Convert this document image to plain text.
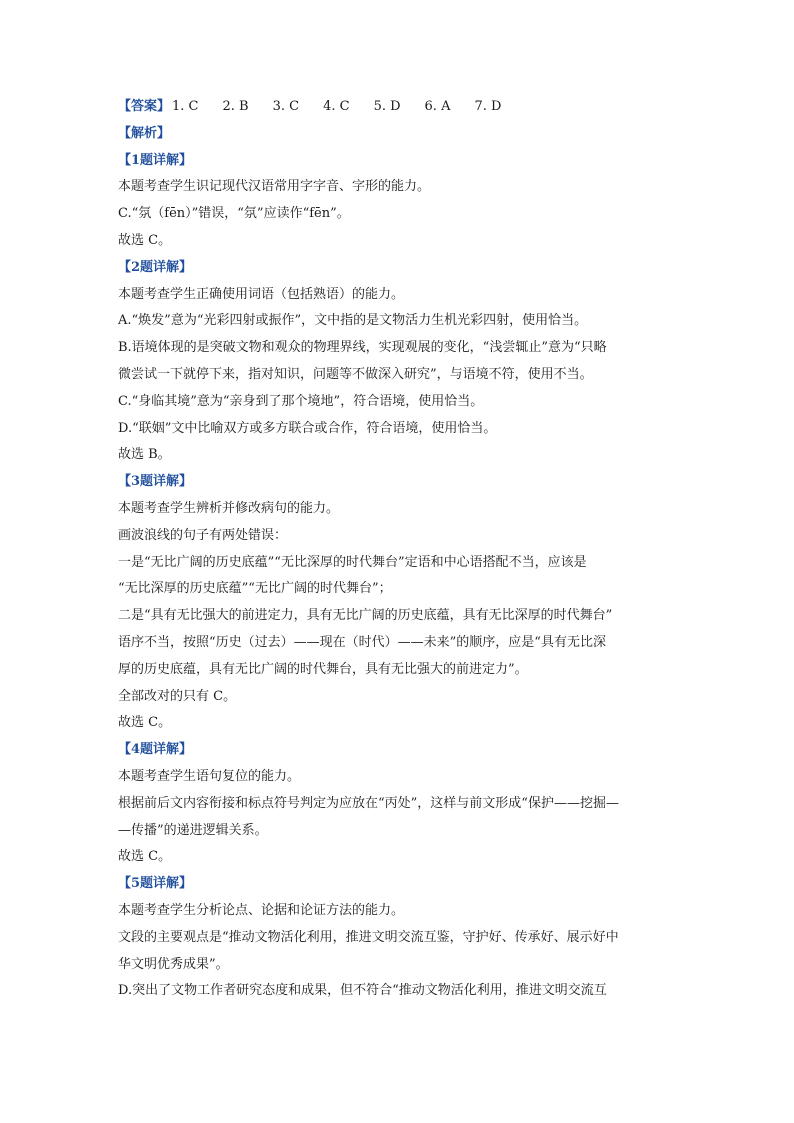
【答案】 1. C 2. B 3. C 4. C 5. D 6. A 7. D
【解析】
【1题详解】
本题考查学生识记现代汉语常用字字音、字形的能力。
C.“氛（fēn）”错误，“氛”应读作“fēn”。
故选 C。
【2题详解】
本题考查学生正确使用词语（包括熟语）的能力。
A.“焕发”意为“光彩四射或振作”，文中指的是文物活力生机光彩四射，使用恰当。
B.语境体现的是突破文物和观众的物理界线，实现观展的变化，“浅尝辄止”意为“只略
微尝试一下就停下来，指对知识，问题等不做深入研究”，与语境不符，使用不当。
C.“身临其境”意为“亲身到了那个境地”，符合语境，使用恰当。
D.“联姻”文中比喻双方或多方联合或合作，符合语境，使用恰当。
故选 B。
【3题详解】
本题考查学生辨析并修改病句的能力。
画波浪线的句子有两处错误：
一是“无比广阔的历史底蕴”“无比深厚的时代舞台”定语和中心语搭配不当，应该是
“无比深厚的历史底蕴”“无比广阔的时代舞台”；
二是“具有无比强大的前进定力，具有无比广阔的历史底蕴，具有无比深厚的时代舞台”
语序不当，按照“历史（过去）——现在（时代）——未来”的顺序，应是“具有无比深
厚的历史底蕴，具有无比广阔的时代舞台，具有无比强大的前进定力”。
全部改对的只有 C。
故选 C。
【4题详解】
本题考查学生语句复位的能力。
根据前后文内容衔接和标点符号判定为应放在“丙处”，这样与前文形成“保护——挖掘—
—传播”的递进逻辑关系。
故选 C。
【5题详解】
本题考查学生分析论点、论据和论证方法的能力。
文段的主要观点是“推动文物活化利用，推进文明交流互鉴，守护好、传承好、展示好中
华文明优秀成果”。
D.突出了文物工作者研究态度和成果，但不符合“推动文物活化利用，推进文明交流互
